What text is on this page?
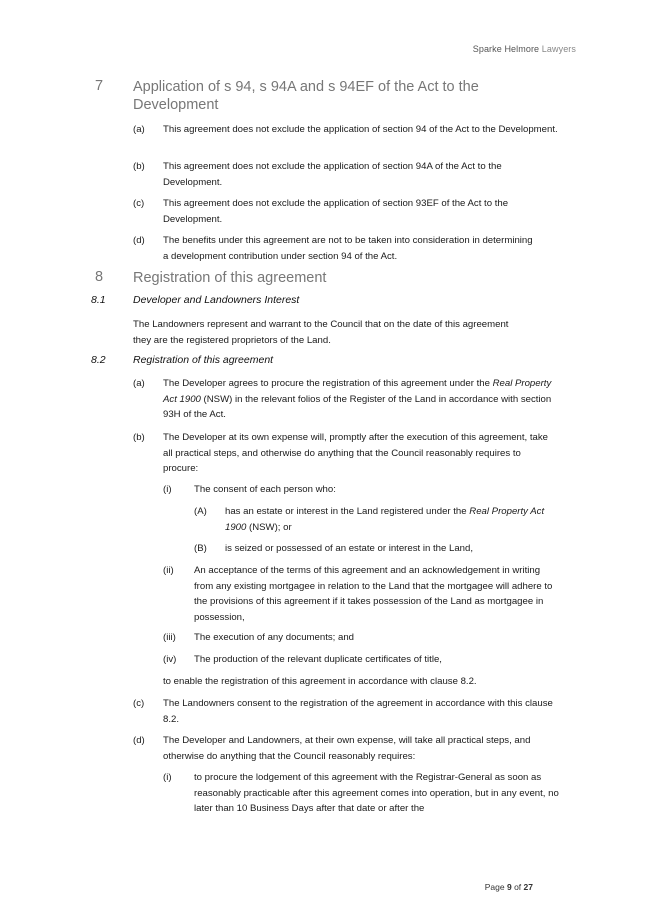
Sparke Helmore Lawyers
7 Application of s 94, s 94A and s 94EF of the Act to the Development
(a) This agreement does not exclude the application of section 94 of the Act to the Development.
(b) This agreement does not exclude the application of section 94A of the Act to the Development.
(c) This agreement does not exclude the application of section 93EF of the Act to the Development.
(d) The benefits under this agreement are not to be taken into consideration in determining a development contribution under section 94 of the Act.
8 Registration of this agreement
8.1	Developer and Landowners Interest
The Landowners represent and warrant to the Council that on the date of this agreement they are the registered proprietors of the Land.
8.2	Registration of this agreement
(a) The Developer agrees to procure the registration of this agreement under the Real Property Act 1900 (NSW) in the relevant folios of the Register of the Land in accordance with section 93H of the Act.
(b) The Developer at its own expense will, promptly after the execution of this agreement, take all practical steps, and otherwise do anything that the Council reasonably requires to procure:
(i) The consent of each person who:
(A) has an estate or interest in the Land registered under the Real Property Act 1900 (NSW); or
(B) is seized or possessed of an estate or interest in the Land,
(ii) An acceptance of the terms of this agreement and an acknowledgement in writing from any existing mortgagee in relation to the Land that the mortgagee will adhere to the provisions of this agreement if it takes possession of the Land as mortgagee in possession,
(iii) The execution of any documents; and
(iv) The production of the relevant duplicate certificates of title,
to enable the registration of this agreement in accordance with clause 8.2.
(c) The Landowners consent to the registration of the agreement in accordance with this clause 8.2.
(d) The Developer and Landowners, at their own expense, will take all practical steps, and otherwise do anything that the Council reasonably requires:
(i) to procure the lodgement of this agreement with the Registrar-General as soon as reasonably practicable after this agreement comes into operation, but in any event, no later than 10 Business Days after that date or after the
Page 9 of 27
